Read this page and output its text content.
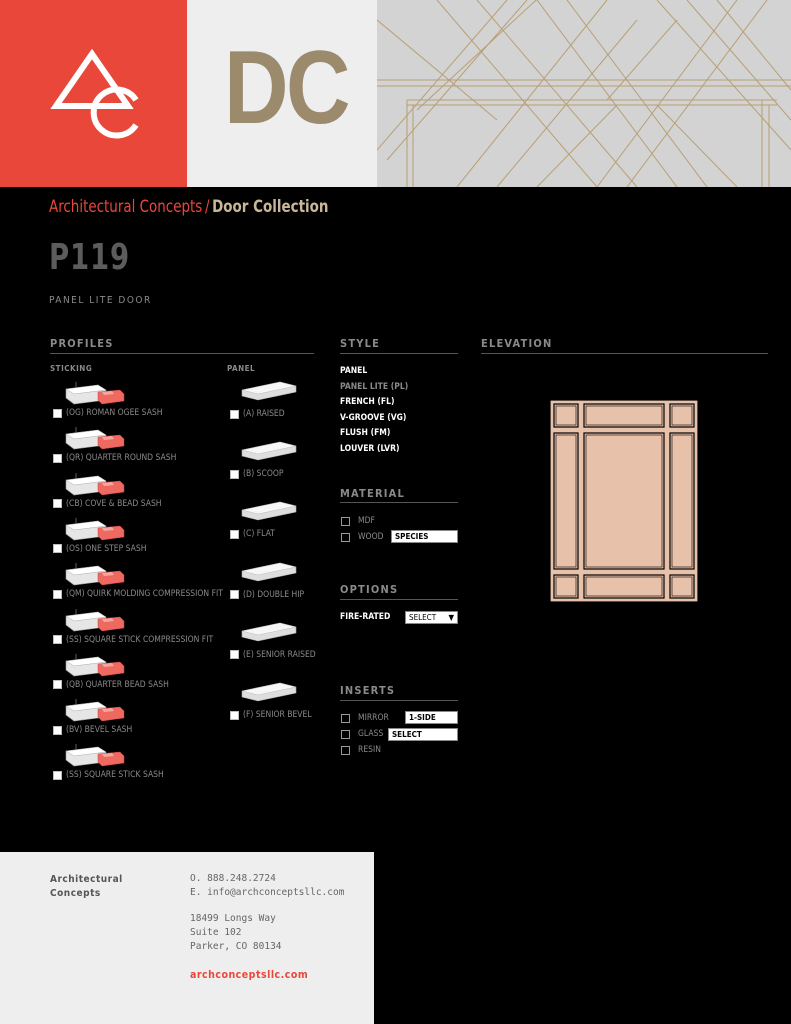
DC
Architectural Concepts / Door Collection
P119
PANEL LITE DOOR
PROFILES
STICKING	PANEL
(OG) ROMAN OGEE SASH
(QR) QUARTER ROUND SASH
(CB) COVE & BEAD SASH
(OS) ONE STEP SASH
(QM) QUIRK MOLDING COMPRESSION FIT
(SS) SQUARE STICK COMPRESSION FIT
(QB) QUARTER BEAD SASH
(BV) BEVEL SASH
(SS) SQUARE STICK SASH
(A) RAISED
(B) SCOOP
(C) FLAT
(D) DOUBLE HIP
(E) SENIOR RAISED
(F) SENIOR BEVEL
STYLE
PANEL
PANEL LITE (PL)
FRENCH (FL)
V-GROOVE (VG)
FLUSH (FM)
LOUVER (LVR)
MATERIAL
MDF
WOOD	SPECIES
OPTIONS
FIRE-RATED SELECT ▼
INSERTS
MIRROR	1-SIDE
GLASS	SELECT
RESIN
ELEVATION
Architectural
Concepts
O. 888.248.2724
E. info@archconceptsllc.com
18499 Longs Way
Suite 102
Parker, CO 80134
archconceptsllc.com
